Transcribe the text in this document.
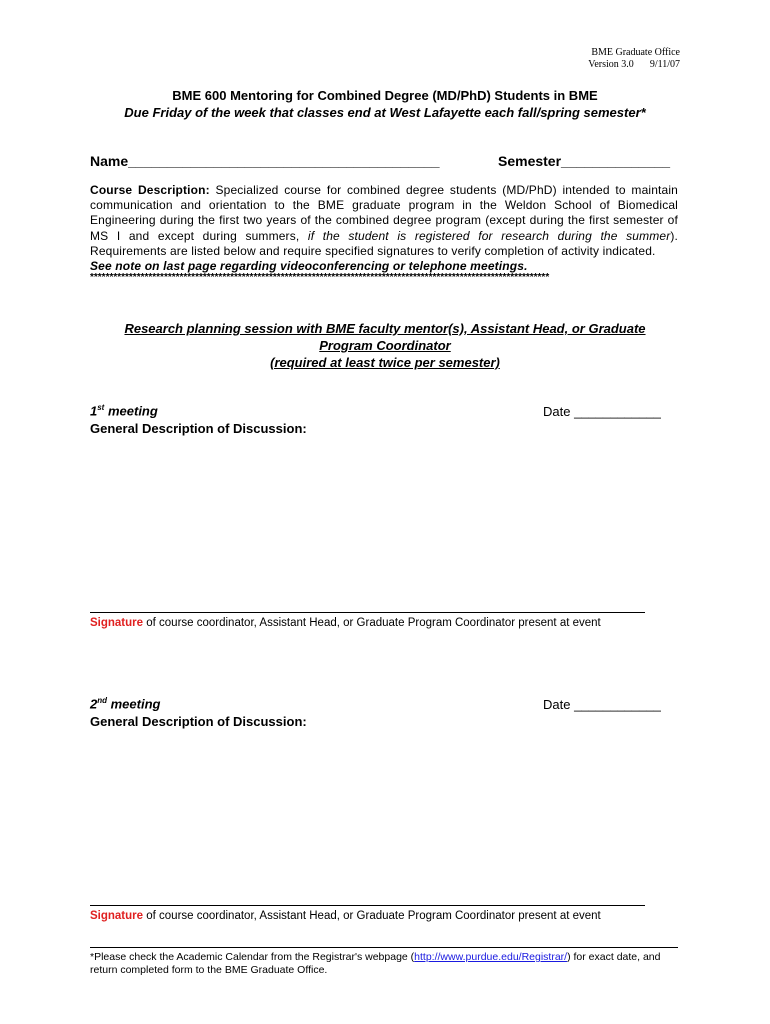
BME Graduate Office
Version 3.0 9/11/07
BME 600 Mentoring for Combined Degree (MD/PhD) Students in BME
Due Friday of the week that classes end at West Lafayette each fall/spring semester*
Name________________________________________	Semester______________
Course Description: Specialized course for combined degree students (MD/PhD) intended to maintain communication and orientation to the BME graduate program in the Weldon School of Biomedical Engineering during the first two years of the combined degree program (except during the first semester of MS I and except during summers, if the student is registered for research during the summer). Requirements are listed below and require specified signatures to verify completion of activity indicated.
See note on last page regarding videoconferencing or telephone meetings.
**********************************************************************************************************************
Research planning session with BME faculty mentor(s), Assistant Head, or Graduate
Program Coordinator
(required at least twice per semester)
1st meeting	Date ____________
General Description of Discussion:
Signature of course coordinator, Assistant Head, or Graduate Program Coordinator present at event
2nd meeting	Date ____________
General Description of Discussion:
Signature of course coordinator, Assistant Head, or Graduate Program Coordinator present at event
*Please check the Academic Calendar from the Registrar's webpage (http://www.purdue.edu/Registrar/) for exact date, and return completed form to the BME Graduate Office.
